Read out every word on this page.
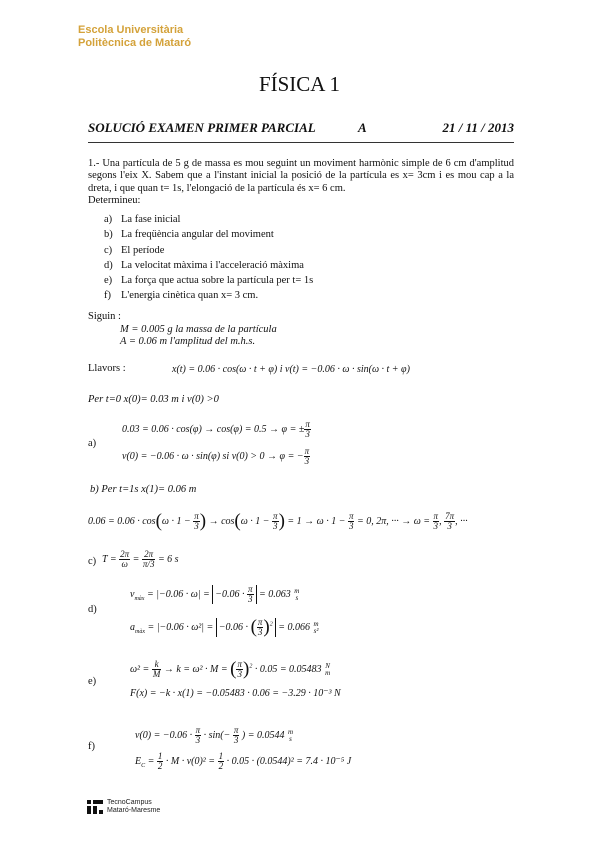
Escola Universitària
Politècnica de Mataró
FÍSICA 1
SOLUCIÓ EXAMEN PRIMER PARCIAL	A	21 / 11 / 2013
1.- Una partícula de 5 g de massa es mou seguint un moviment harmònic simple de 6 cm d'amplitud segons l'eix X. Sabem que a l'instant inicial la posició de la partícula es x= 3cm i es mou cap a la dreta, i que quan t= 1s, l'elongació de la partícula és x= 6 cm.
Determineu:
a) La fase inicial
b) La freqüència angular del moviment
c) El període
d) La velocitat màxima i l'acceleració màxima
e) La força que actua sobre la partícula per t= 1s
f) L'energia cinètica quan x= 3 cm.
Siguin :
M = 0.005 g la massa de la partícula
A = 0.06 m l'amplitud del m.h.s.
Llavors :	x(t) = 0.06 · cos(ω · t + φ) i v(t) = −0.06 · ω · sin(ω · t + φ)
Per t=0 x(0)= 0.03 m i v(0) >0
a)
0.03 = 0.06 · cos(φ) → cos(φ) = 0.5 → φ = ± $\frac{\pi}{3}$
v(0) = −0.06 · ω · sin(φ) si v(0) > 0 → φ = − $\frac{\pi}{3}$
b) Per t=1s x(1)= 0.06 m
$0.06 = 0.06 \cdot \cos(\omega \cdot 1 - \frac{\pi}{3}$ ) → $\cos(\omega \cdot 1 - \frac{\pi}{3}$ ) = $1 \to \omega \cdot 1 - \frac{\pi}{3} = 0$, 2π, ··· → $\omega = \frac{\pi}{3}$ , $\frac{7\pi}{3}$ , ···
c) $T = \frac{2\pi}{\omega} = \frac{2\pi}{\pi/3} = 6$ s
d)
$v_{màx} = |-0.06 \cdot \omega| = -0.06 \cdot \frac{\pi}{3} = 0.063$ m
s
$a_{màx} = |-0.06 \cdot \omega^2| = -0.06$ · ( $\frac{\pi}{3} )^2 = 0.066$ m
s²
e)
$\omega^2 = \frac{k}{M} \to k = \omega^2 \cdot M$ = ( $\frac{\pi}{3} )^2 \cdot 0.05 = 0.05483$ N
m
F(x) = −k · x(1) = −0.05483 · 0.06 = −3.29 · 10⁻³ N
f)
$v(0) = -0.06 \cdot \frac{\pi}{3} \cdot \sin(- \frac{\pi}{3}$ ) = 0.0544 m
s
$E_C = \frac{1}{2} \cdot M \cdot v(0)^2 = \frac{1}{2} \cdot 0.05 \cdot (0.0544)^2 = 7.4 \cdot 10^{-5}$ J
TecnoCampus
Mataró-Maresme
